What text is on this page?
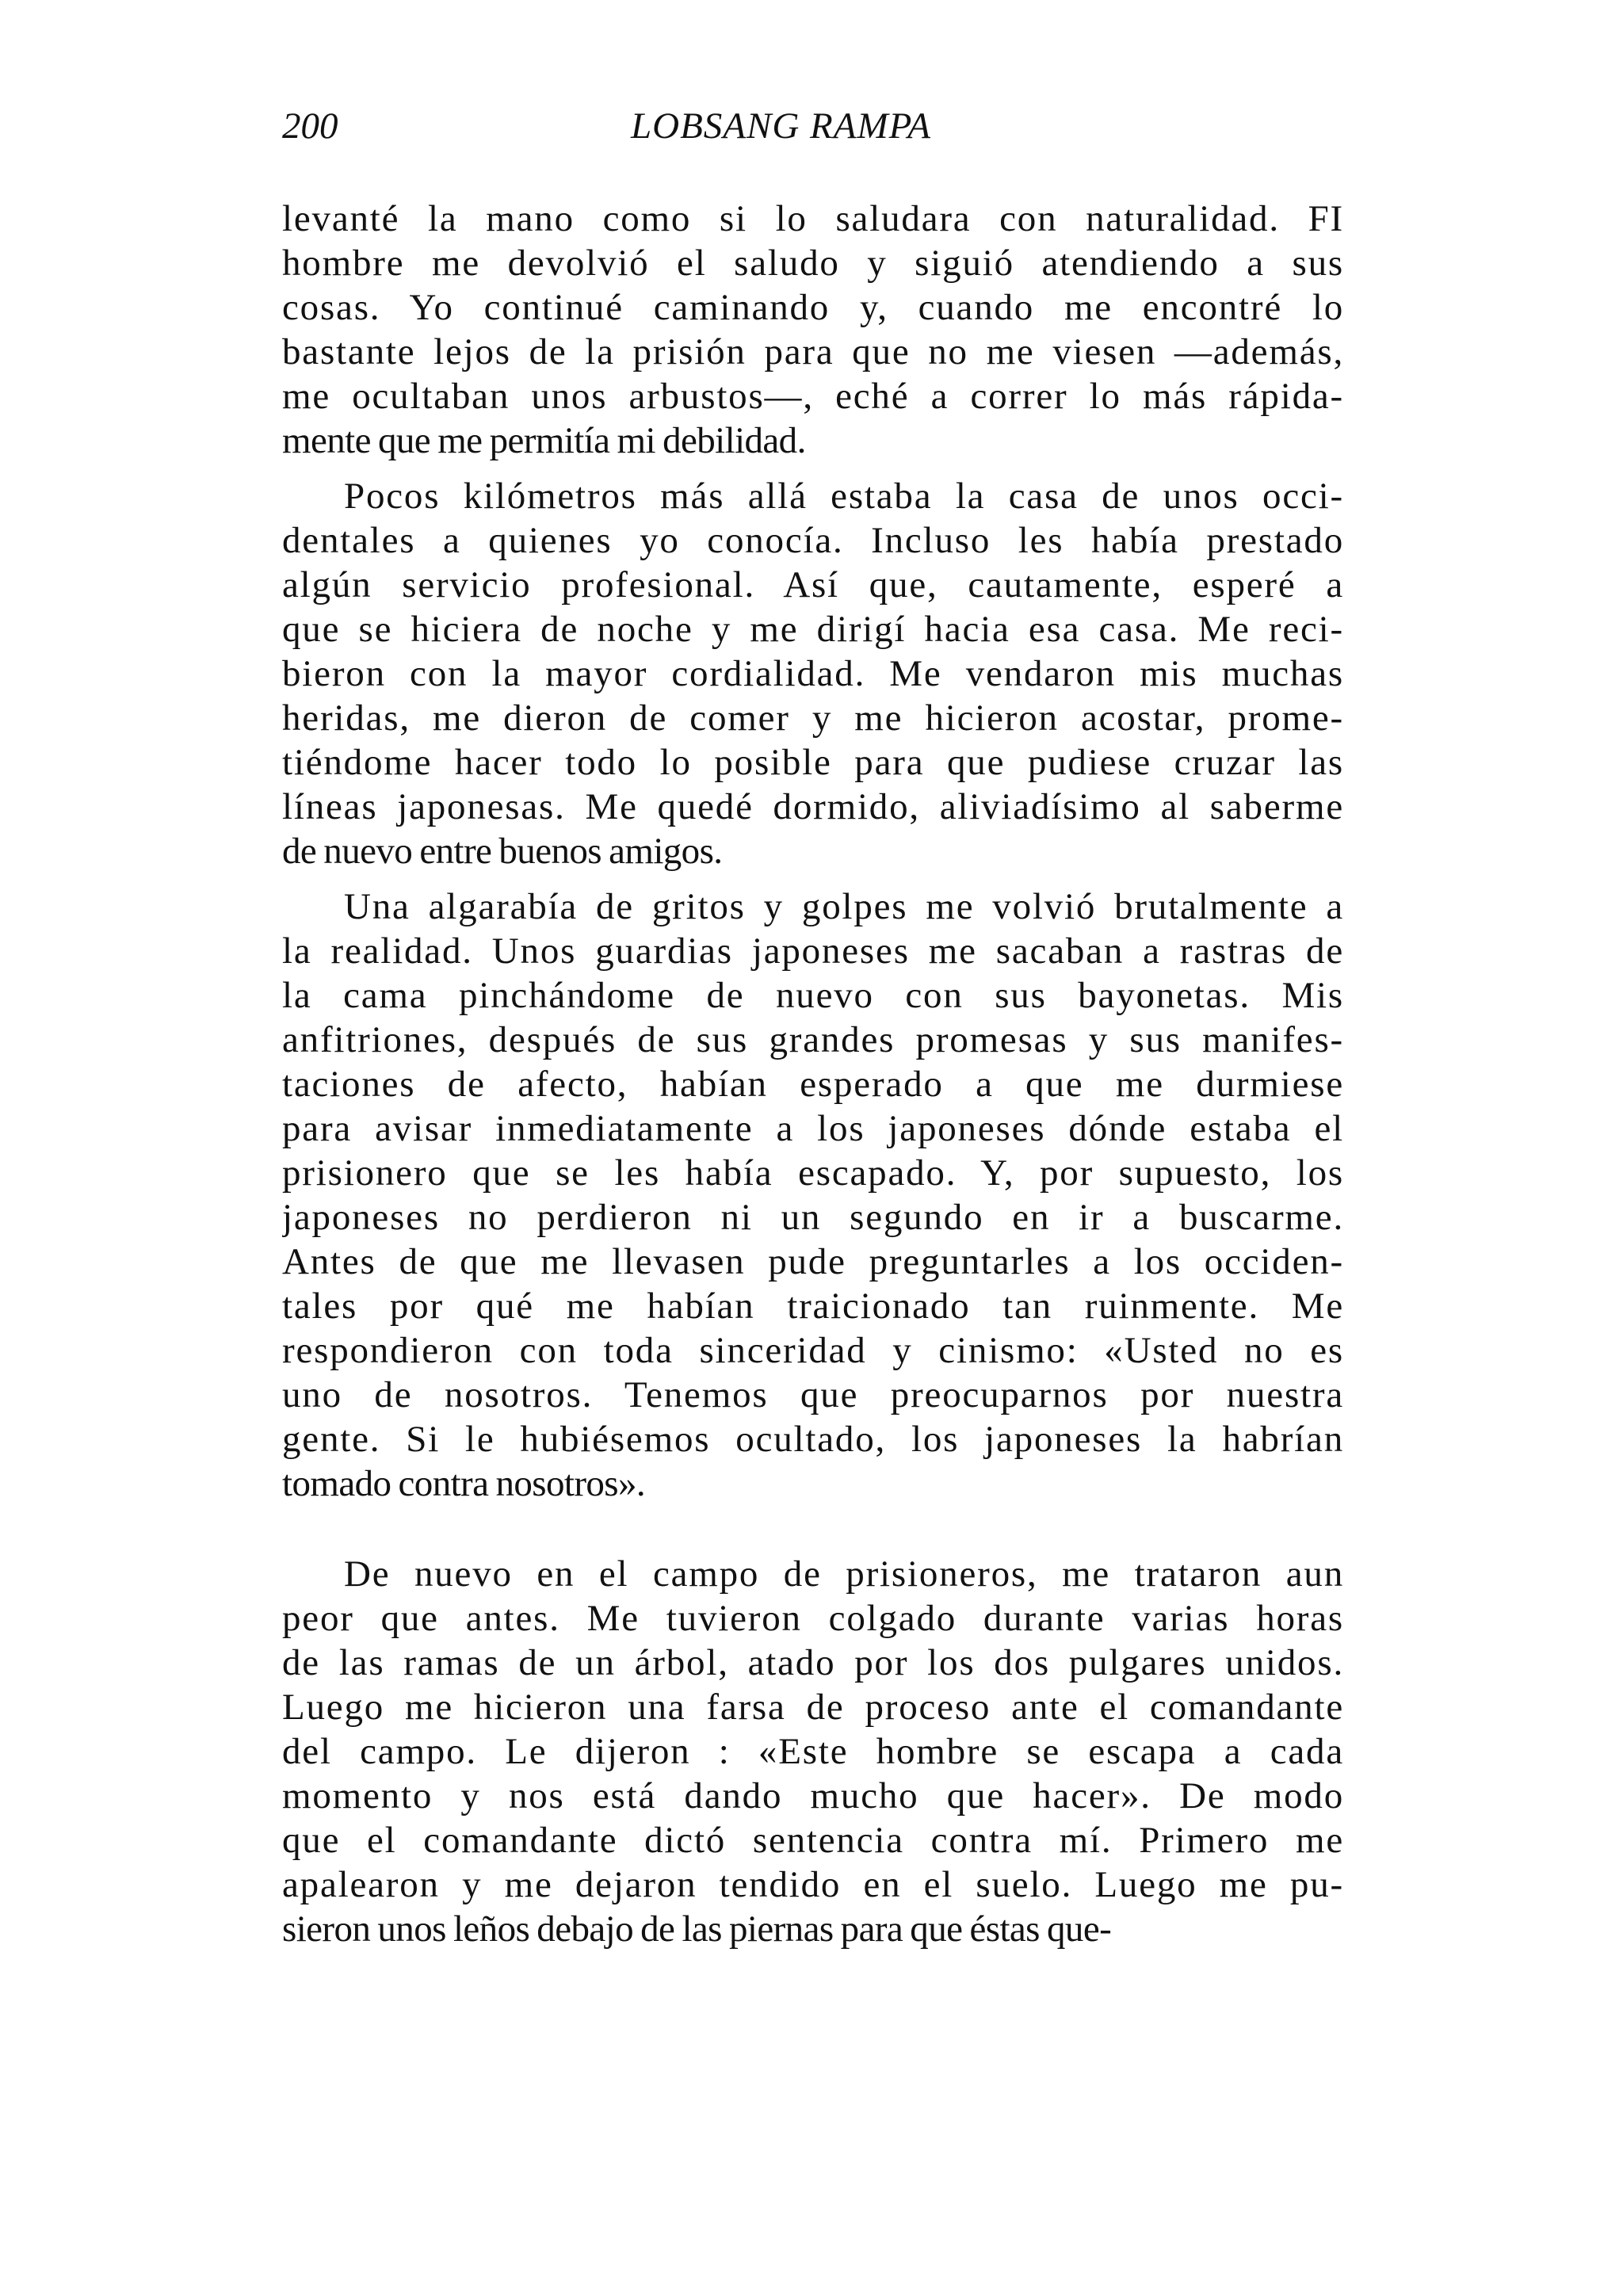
200	LOBSANG RAMPA
levanté la mano como si lo saludara con naturalidad. FI
hombre me devolvió el saludo y siguió atendiendo a sus
cosas. Yo continué caminando y, cuando me encontré lo
bastante lejos de la prisión para que no me viesen —además,
me ocultaban unos arbustos—, eché a correr lo más rápida-
mente que me permitía mi debilidad.
Pocos kilómetros más allá estaba la casa de unos occi-
dentales a quienes yo conocía. Incluso les había prestado
algún servicio profesional. Así que, cautamente, esperé a
que se hiciera de noche y me dirigí hacia esa casa. Me reci-
bieron con la mayor cordialidad. Me vendaron mis muchas
heridas, me dieron de comer y me hicieron acostar, prome-
tiéndome hacer todo lo posible para que pudiese cruzar las
líneas japonesas. Me quedé dormido, aliviadísimo al saberme
de nuevo entre buenos amigos.
Una algarabía de gritos y golpes me volvió brutalmente a
la realidad. Unos guardias japoneses me sacaban a rastras de
la cama pinchándome de nuevo con sus bayonetas. Mis
anfitriones, después de sus grandes promesas y sus manifes-
taciones de afecto, habían esperado a que me durmiese
para avisar inmediatamente a los japoneses dónde estaba el
prisionero que se les había escapado. Y, por supuesto, los
japoneses no perdieron ni un segundo en ir a buscarme.
Antes de que me llevasen pude preguntarles a los occiden-
tales por qué me habían traicionado tan ruinmente. Me
respondieron con toda sinceridad y cinismo: «Usted no es
uno de nosotros. Tenemos que preocuparnos por nuestra
gente. Si le hubiésemos ocultado, los japoneses la habrían
tomado contra nosotros».
De nuevo en el campo de prisioneros, me trataron aun
peor que antes. Me tuvieron colgado durante varias horas
de las ramas de un árbol, atado por los dos pulgares unidos.
Luego me hicieron una farsa de proceso ante el comandante
del campo. Le dijeron : «Este hombre se escapa a cada
momento y nos está dando mucho que hacer». De modo
que el comandante dictó sentencia contra mí. Primero me
apalearon y me dejaron tendido en el suelo. Luego me pu-
sieron unos leños debajo de las piernas para que éstas que-
